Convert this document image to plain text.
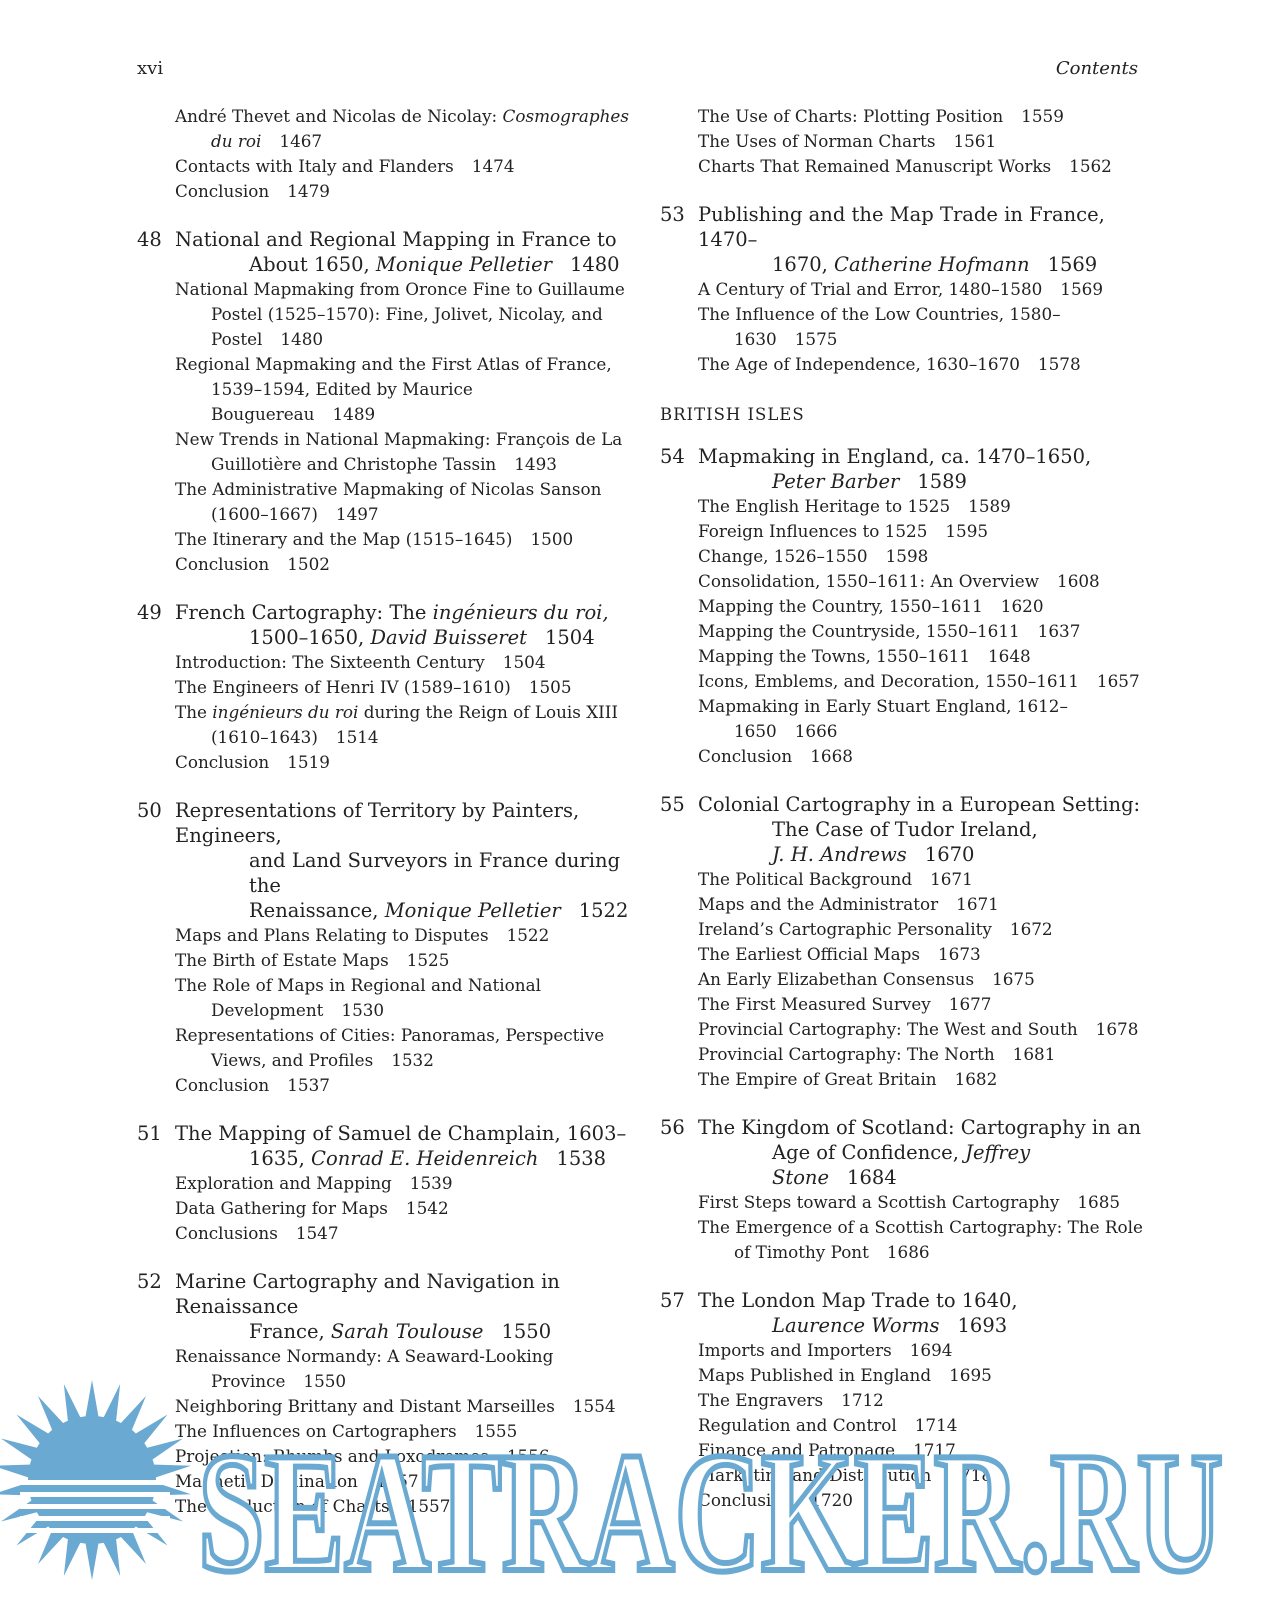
xvi	Contents
André Thevet and Nicolas de Nicolay: Cosmographes du roi 1467
Contacts with Italy and Flanders 1474
Conclusion 1479
48 National and Regional Mapping in France to
About 1650, Monique Pelletier 1480
National Mapmaking from Oronce Fine to Guillaume Postel (1525–1570): Fine, Jolivet, Nicolay, and Postel 1480
Regional Mapmaking and the First Atlas of France, 1539–1594, Edited by Maurice Bouguereau 1489
New Trends in National Mapmaking: François de La Guillotière and Christophe Tassin 1493
The Administrative Mapmaking of Nicolas Sanson (1600–1667) 1497
The Itinerary and the Map (1515–1645) 1500
Conclusion 1502
49 French Cartography: The ingénieurs du roi,
1500–1650, David Buisseret 1504
Introduction: The Sixteenth Century 1504
The Engineers of Henri IV (1589–1610) 1505
The ingénieurs du roi during the Reign of Louis XIII (1610–1643) 1514
Conclusion 1519
50 Representations of Territory by Painters, Engineers,
and Land Surveyors in France during the
Renaissance, Monique Pelletier 1522
Maps and Plans Relating to Disputes 1522
The Birth of Estate Maps 1525
The Role of Maps in Regional and National Development 1530
Representations of Cities: Panoramas, Perspective Views, and Profiles 1532
Conclusion 1537
51 The Mapping of Samuel de Champlain, 1603–
1635, Conrad E. Heidenreich 1538
Exploration and Mapping 1539
Data Gathering for Maps 1542
Conclusions 1547
52 Marine Cartography and Navigation in Renaissance
France, Sarah Toulouse 1550
Renaissance Normandy: A Seaward-Looking Province 1550
Neighboring Brittany and Distant Marseilles 1554
The Influences on Cartographers 1555
Projection: Rhumbs and Loxodromes 1556
Magnetic Declination 1557
The Production of Charts 1557
The Use of Charts: Plotting Position 1559
The Uses of Norman Charts 1561
Charts That Remained Manuscript Works 1562
53 Publishing and the Map Trade in France, 1470–
1670, Catherine Hofmann 1569
A Century of Trial and Error, 1480–1580 1569
The Influence of the Low Countries, 1580–1630 1575
The Age of Independence, 1630–1670 1578
BRITISH ISLES
54 Mapmaking in England, ca. 1470–1650,
Peter Barber 1589
The English Heritage to 1525 1589
Foreign Influences to 1525 1595
Change, 1526–1550 1598
Consolidation, 1550–1611: An Overview 1608
Mapping the Country, 1550–1611 1620
Mapping the Countryside, 1550–1611 1637
Mapping the Towns, 1550–1611 1648
Icons, Emblems, and Decoration, 1550–1611 1657
Mapmaking in Early Stuart England, 1612–1650 1666
Conclusion 1668
55 Colonial Cartography in a European Setting:
The Case of Tudor Ireland,
J. H. Andrews 1670
The Political Background 1671
Maps and the Administrator 1671
Ireland’s Cartographic Personality 1672
The Earliest Official Maps 1673
An Early Elizabethan Consensus 1675
The First Measured Survey 1677
Provincial Cartography: The West and South 1678
Provincial Cartography: The North 1681
The Empire of Great Britain 1682
56 The Kingdom of Scotland: Cartography in an
Age of Confidence, Jeffrey Stone 1684
First Steps toward a Scottish Cartography 1685
The Emergence of a Scottish Cartography: The Role of Timothy Pont 1686
57 The London Map Trade to 1640,
Laurence Worms 1693
Imports and Importers 1694
Maps Published in England 1695
The Engravers 1712
Regulation and Control 1714
Finance and Patronage 1717
Marketing and Distribution 1718
Conclusion 1720
SEATRACKER.RU
